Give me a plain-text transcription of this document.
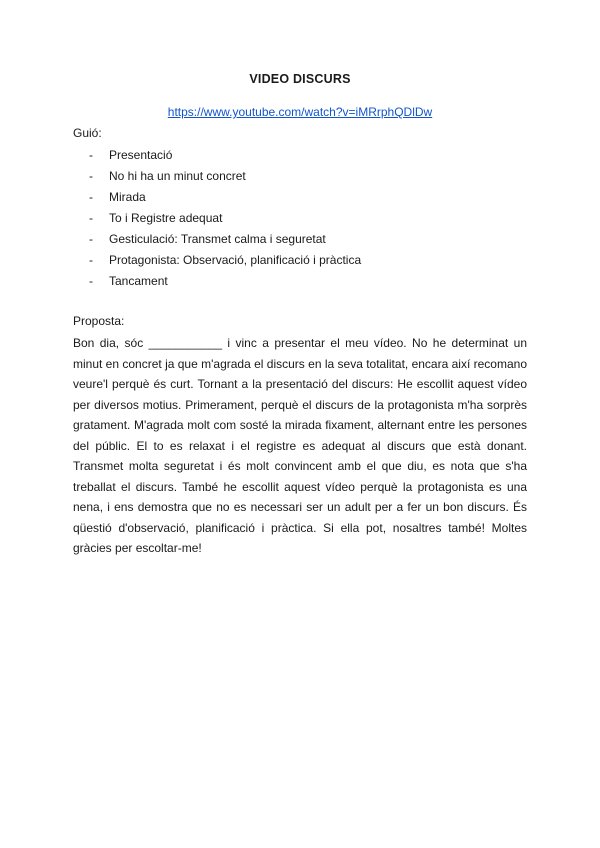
VIDEO DISCURS
https://www.youtube.com/watch?v=iMRrphQDlDw
Guió:
- Presentació
- No hi ha un minut concret
- Mirada
- To i Registre adequat
- Gesticulació: Transmet calma i seguretat
- Protagonista: Observació, planificació i pràctica
- Tancament
Proposta:

Bon dia, sóc ___________ i vinc a presentar el meu vídeo. No he determinat un minut en concret ja que m'agrada el discurs en la seva totalitat, encara així recomano veure'l perquè és curt. Tornant a la presentació del discurs: He escollit aquest vídeo per diversos motius. Primerament, perquè el discurs de la protagonista m'ha sorprès gratament. M'agrada molt com sosté la mirada fixament, alternant entre les persones del públic. El to es relaxat i el registre es adequat al discurs que està donant. Transmet molta seguretat i és molt convincent amb el que diu, es nota que s'ha treballat el discurs. També he escollit aquest vídeo perquè la protagonista es una nena, i ens demostra que no es necessari ser un adult per a fer un bon discurs. És qüestió d'observació, planificació i pràctica. Si ella pot, nosaltres també! Moltes gràcies per escoltar-me!
